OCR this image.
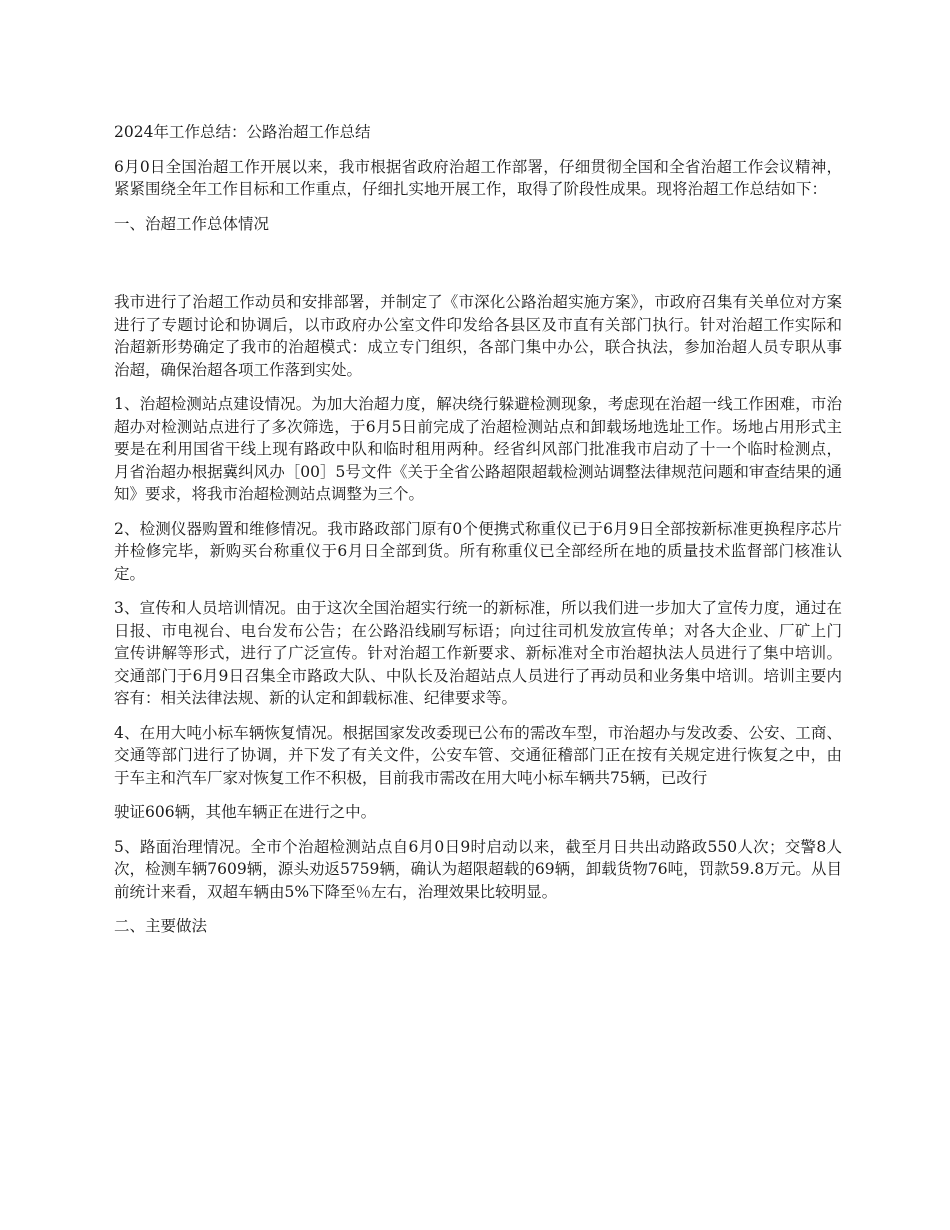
2024年工作总结：公路治超工作总结

6月0日全国治超工作开展以来，我市根据省政府治超工作部署，仔细贯彻全国和全省治超工作会议精神，紧紧围绕全年工作目标和工作重点，仔细扎实地开展工作，取得了阶段性成果。现将治超工作总结如下：

一、治超工作总体情况

我市进行了治超工作动员和安排部署，并制定了《市深化公路治超实施方案》，市政府召集有关单位对方案进行了专题讨论和协调后，以市政府办公室文件印发给各县区及市直有关部门执行。针对治超工作实际和治超新形势确定了我市的治超模式：成立专门组织，各部门集中办公，联合执法，参加治超人员专职从事治超，确保治超各项工作落到实处。

1、治超检测站点建设情况。为加大治超力度，解决绕行躲避检测现象，考虑现在治超一线工作困难，市治超办对检测站点进行了多次筛选，于6月5日前完成了治超检测站点和卸载场地选址工作。场地占用形式主要是在利用国省干线上现有路政中队和临时租用两种。经省纠风部门批准我市启动了十一个临时检测点，月省治超办根据冀纠风办［00］5号文件《关于全省公路超限超载检测站调整法律规范问题和审查结果的通知》要求，将我市治超检测站点调整为三个。

2、检测仪器购置和维修情况。我市路政部门原有0个便携式称重仪已于6月9日全部按新标准更换程序芯片并检修完毕，新购买台称重仪于6月日全部到货。所有称重仪已全部经所在地的质量技术监督部门核准认定。

3、宣传和人员培训情况。由于这次全国治超实行统一的新标准，所以我们进一步加大了宣传力度，通过在日报、市电视台、电台发布公告；在公路沿线刷写标语；向过往司机发放宣传单；对各大企业、厂矿上门宣传讲解等形式，进行了广泛宣传。针对治超工作新要求、新标准对全市治超执法人员进行了集中培训。交通部门于6月9日召集全市路政大队、中队长及治超站点人员进行了再动员和业务集中培训。培训主要内容有：相关法律法规、新的认定和卸载标准、纪律要求等。

4、在用大吨小标车辆恢复情况。根据国家发改委现已公布的需改车型，市治超办与发改委、公安、工商、交通等部门进行了协调，并下发了有关文件，公安车管、交通征稽部门正在按有关规定进行恢复之中，由于车主和汽车厂家对恢复工作不积极，目前我市需改在用大吨小标车辆共75辆，已改行

驶证606辆，其他车辆正在进行之中。

5、路面治理情况。全市个治超检测站点自6月0日9时启动以来，截至月日共出动路政550人次；交警8人次，检测车辆7609辆，源头劝返5759辆，确认为超限超载的69辆，卸载货物76吨，罚款59.8万元。从目前统计来看，双超车辆由5%下降至％左右，治理效果比较明显。

二、主要做法
